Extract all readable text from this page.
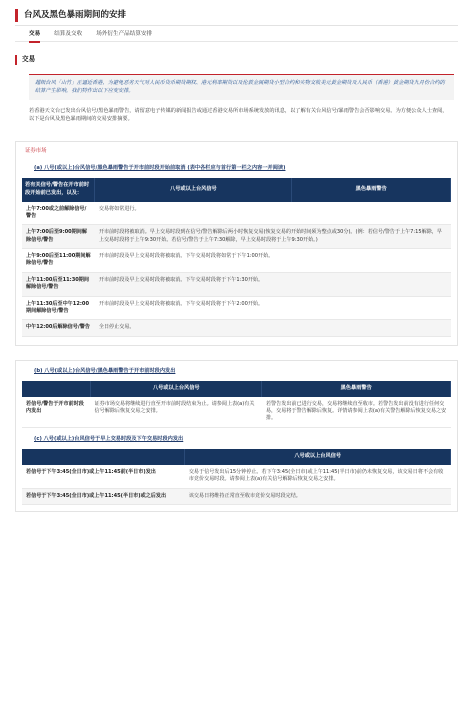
台风及黑色暴雨期间的安排
交易	结算及交收	场外衍生产品结算安排
交易
超级台风「山竹」正逼近香港，为避免恶劣天气对人民币货币期货期权、港元利率期货以及伦敦金属期货小型合约和实物交收美元黄金期货及人民币（香港）黄金期货九月份合约的结算产生影响，我们特作出以下应变安排。
若香港天文台已发出台风信号/黑色暴雨警告，请留意电子传媒的新闻报告或通过香港交易所市场系统发放的讯息，以了解有关台风信号/暴雨警告会否影响交易。为方便公众人士查阅，以下是台风及黑色暴雨期间的交易安排摘要。
证券市场
(a) 八号(或以上)台风信号/黑色暴雨警告于开市前时段开始前取消 (表中各栏应与首行第一栏之内容一并阅读)
若有关信号/警告在开市前时段开始前已发出，以及：	八号或以上台风信号	黑色暴雨警告
上午7:00或之前解除信号/警告	交易将如常进行。	
上午7:00后至9:00期间解除信号/警告	开市前时段将被取消。早上交易时段到在信号/警告解除后两小时恢复交易(恢复交易的开始时间须为整点或30分)。(例：若信号/警告于上午7:15解除，早上交易时段将于上午9:30开始。若信号/警告于上午7:30解除，早上交易时段将于上午9:30开始。)	
上午9:00后至11:00期间解除信号/警告	开市前时段及早上交易时段将被取消。下午交易时段将如常于下午1:00开始。	
上午11:00后至11:30期间解除信号/警告	开市前时段及早上交易时段将被取消。下午交易时段将于下午1:30开始。	
上午11:30后至中午12:00期间解除信号/警告	开市前时段及早上交易时段将被取消。下午交易时段将于下午2:00开始。	
中午12:00后解除信号/警告	全日停止交易。	
(b) 八号(或以上)台风信号/黑色暴雨警告于开市前时段内发出
	八号或以上台风信号	黑色暴雨警告
若信号/警告于开市前时段内发出	证券市场交易将继续进行直至开市前时段结束为止。请参阅上表(a)有关信号解除后恢复交易之安排。	若警告发出前已进行交易，交易将继续直至收市。若警告发出前没有进行任何交易，交易将于警告解除后恢复。详情请参阅上表(a)有关警告解除后恢复交易之安排。
(c) 八号(或以上)台风信号于早上交易时段及下午交易时段内发出
	八号或以上台风信号
若信号于下午3:45(全日市)或上午11:45前(半日市)发出	交易于信号发出后15分钟停止。若下午3:45(全日市)或上午11:45(半日市)前仍未恢复交易，该交易日将不会有收市竞价交易时段。请参阅上表(a)有关信号解除后恢复交易之安排。
若信号于下午3:45(全日市)或上午11:45(半日市)或之后发出	该交易日将维持正常直至收市竞价交易时段完结。
